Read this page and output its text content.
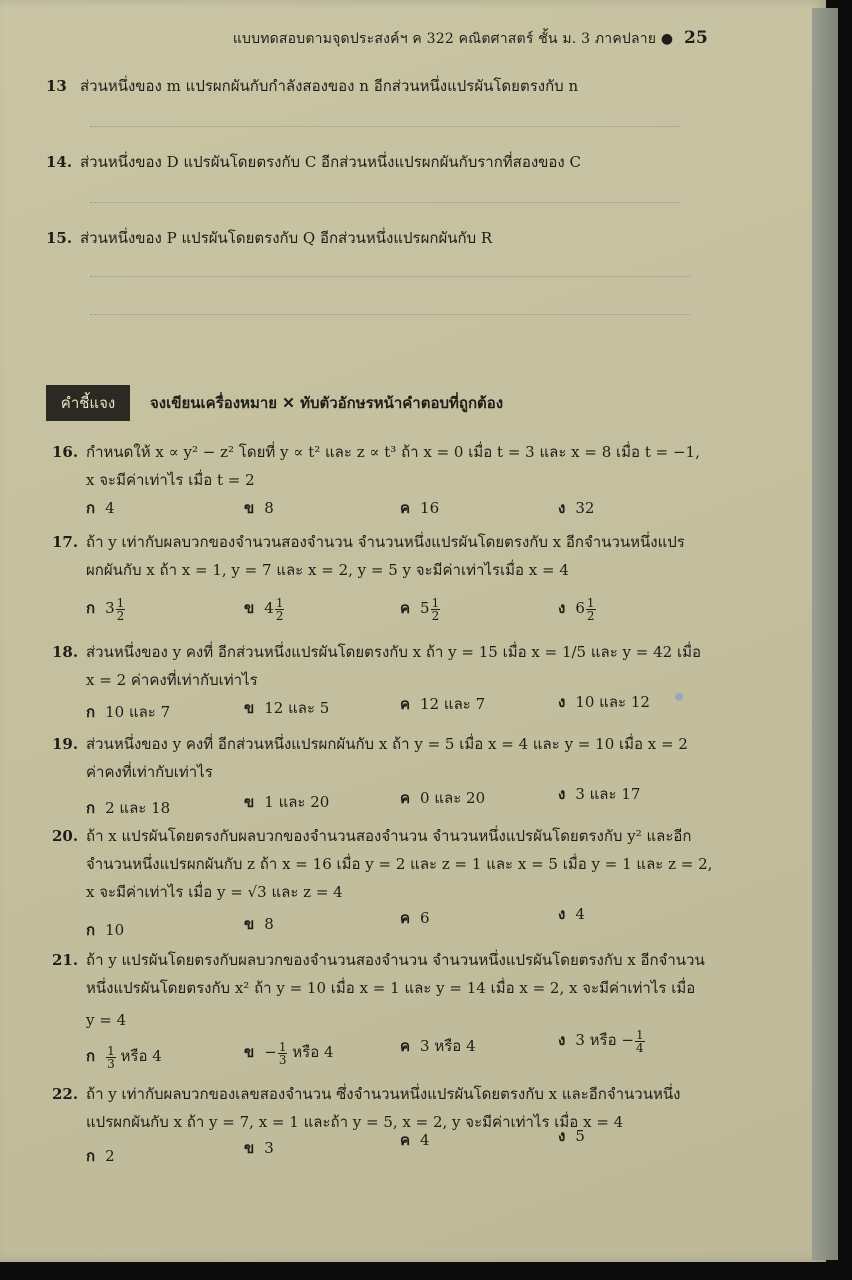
แบบทดสอบตามจุดประสงค์ฯ ค 322 คณิตศาสตร์ ชั้น ม. 3 ภาคปลาย ● 25
13 ส่วนหนึ่งของ m แปรผกผันกับกำลังสองของ n อีกส่วนหนึ่งแปรผันโดยตรงกับ n
14. ส่วนหนึ่งของ D แปรผันโดยตรงกับ C อีกส่วนหนึ่งแปรผกผันกับรากที่สองของ C
15. ส่วนหนึ่งของ P แปรผันโดยตรงกับ Q อีกส่วนหนึ่งแปรผกผันกับ R
คำชี้แจง	จงเขียนเครื่องหมาย ✕ ทับตัวอักษรหน้าคำตอบที่ถูกต้อง
16. กำหนดให้ x ∝ y² − z² โดยที่ y ∝ t² และ z ∝ t³ ถ้า x = 0 เมื่อ t = 3 และ x = 8 เมื่อ t = −1,
x จะมีค่าเท่าไร เมื่อ t = 2
ก 4	ข 8	ค 16	ง 32
17. ถ้า y เท่ากับผลบวกของจำนวนสองจำนวน จำนวนหนึ่งแปรผันโดยตรงกับ x อีกจำนวนหนึ่งแปร
ผกผันกับ x ถ้า x = 1, y = 7 และ x = 2, y = 5 y จะมีค่าเท่าไรเมื่อ x = 4
ก $3 \frac{1}{2}$	ข $4 \frac{1}{2}$	ค $5 \frac{1}{2}$	ง $6 \frac{1}{2}$
18. ส่วนหนึ่งของ y คงที่ อีกส่วนหนึ่งแปรผันโดยตรงกับ x ถ้า y = 15 เมื่อ x = 1/5 และ y = 42 เมื่อ
x = 2 ค่าคงที่เท่ากับเท่าไร
ก 10 และ 7	ข 12 และ 5	ค 12 และ 7	ง 10 และ 12
19. ส่วนหนึ่งของ y คงที่ อีกส่วนหนึ่งแปรผกผันกับ x ถ้า y = 5 เมื่อ x = 4 และ y = 10 เมื่อ x = 2
ค่าคงที่เท่ากับเท่าไร
ก 2 และ 18	ข 1 และ 20	ค 0 และ 20	ง 3 และ 17
20. ถ้า x แปรผันโดยตรงกับผลบวกของจำนวนสองจำนวน จำนวนหนึ่งแปรผันโดยตรงกับ y² และอีก
จำนวนหนึ่งแปรผกผันกับ z ถ้า x = 16 เมื่อ y = 2 และ z = 1 และ x = 5 เมื่อ y = 1 และ z = 2,
x จะมีค่าเท่าไร เมื่อ y = √3 และ z = 4
ก 10	ข 8	ค 6	ง 4
21. ถ้า y แปรผันโดยตรงกับผลบวกของจำนวนสองจำนวน จำนวนหนึ่งแปรผันโดยตรงกับ x อีกจำนวน
หนึ่งแปรผันโดยตรงกับ x² ถ้า y = 10 เมื่อ x = 1 และ y = 14 เมื่อ x = 2, x จะมีค่าเท่าไร เมื่อ
y = 4
ก $\frac{1}{3}$ หรือ 4	ข − $\frac{1}{3}$ หรือ 4	ค 3 หรือ 4	ง 3 หรือ − $\frac{1}{4}$
22. ถ้า y เท่ากับผลบวกของเลขสองจำนวน ซึ่งจำนวนหนึ่งแปรผันโดยตรงกับ x และอีกจำนวนหนึ่ง
แปรผกผันกับ x ถ้า y = 7, x = 1 และถ้า y = 5, x = 2, y จะมีค่าเท่าไร เมื่อ x = 4
ก 2	ข 3	ค 4	ง 5
